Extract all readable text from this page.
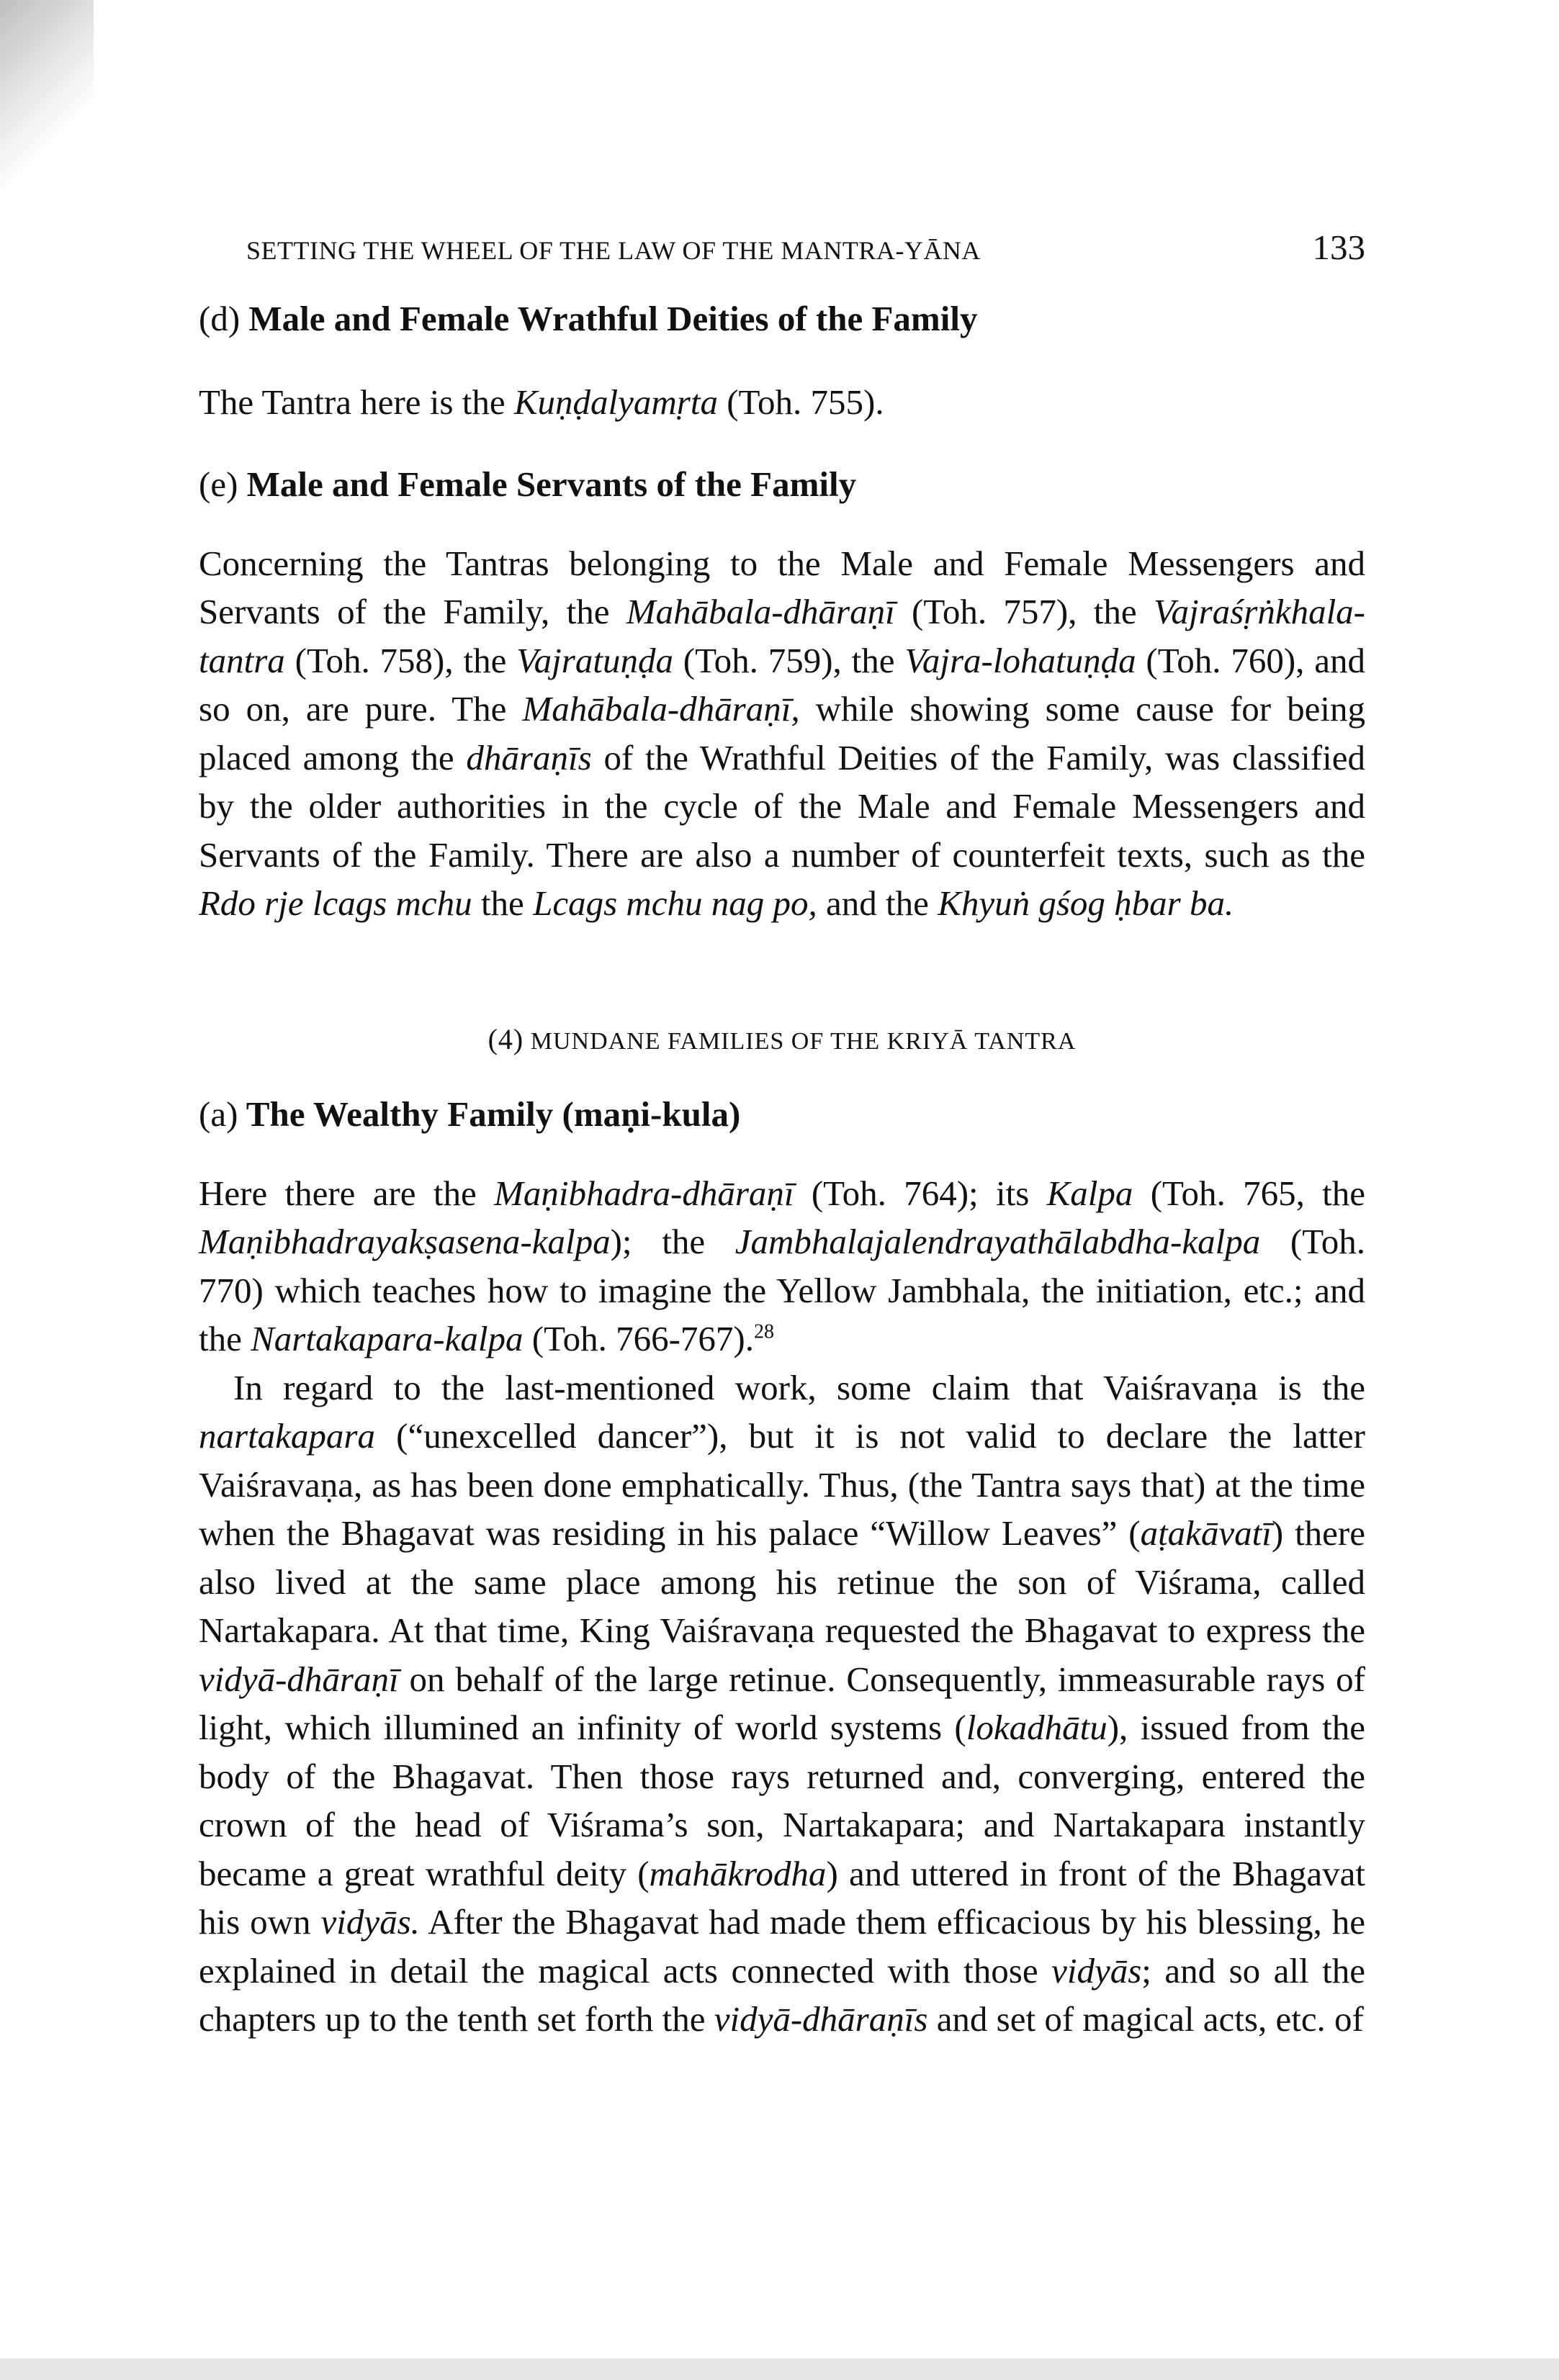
SETTING THE WHEEL OF THE LAW OF THE MANTRA-YĀNA	133
(d) Male and Female Wrathful Deities of the Family

The Tantra here is the Kuṇḍalyamṛta (Toh. 755).

(e) Male and Female Servants of the Family

Concerning the Tantras belonging to the Male and Female Messengers and Servants of the Family, the Mahābala-dhāraṇī (Toh. 757), the Vajraśṛṅkhala-tantra (Toh. 758), the Vajratuṇḍa (Toh. 759), the Vajra-lohatuṇḍa (Toh. 760), and so on, are pure. The Mahābala-dhāraṇī, while showing some cause for being placed among the dhāraṇīs of the Wrathful Deities of the Family, was classified by the older authorities in the cycle of the Male and Female Messengers and Servants of the Family. There are also a number of counterfeit texts, such as the Rdo rje lcags mchu the Lcags mchu nag po, and the Khyuṅ gśog ḥbar ba.

(4) MUNDANE FAMILIES OF THE KRIYĀ TANTRA
(a) The Wealthy Family (maṇi-kula)

Here there are the Maṇibhadra-dhāraṇī (Toh. 764); its Kalpa (Toh. 765, the Maṇibhadrayakṣasena-kalpa); the Jambhalajalendrayathālabdha-kalpa (Toh. 770) which teaches how to imagine the Yellow Jambhala, the initiation, etc.; and the Nartakapara-kalpa (Toh. 766-767).$^{28}$

In regard to the last-mentioned work, some claim that Vaiśravaṇa is the nartakapara (“unexcelled dancer”), but it is not valid to declare the latter Vaiśravaṇa, as has been done emphatically. Thus, (the Tantra says that) at the time when the Bhagavat was residing in his palace “Willow Leaves” (aṭakāvatī) there also lived at the same place among his retinue the son of Viśrama, called Nartakapara. At that time, King Vaiśravaṇa requested the Bhagavat to express the vidyā-dhāraṇī on behalf of the large retinue. Consequently, immeasurable rays of light, which illumined an infinity of world systems (lokadhātu), issued from the body of the Bhagavat. Then those rays returned and, converging, entered the crown of the head of Viśrama’s son, Nartakapara; and Nartakapara instantly became a great wrathful deity (mahākrodha) and uttered in front of the Bhagavat his own vidyās. After the Bhagavat had made them efficacious by his blessing, he explained in detail the magical acts connected with those vidyās; and so all the chapters up to the tenth set forth the vidyā-dhāraṇīs and set of magical acts, etc. of
